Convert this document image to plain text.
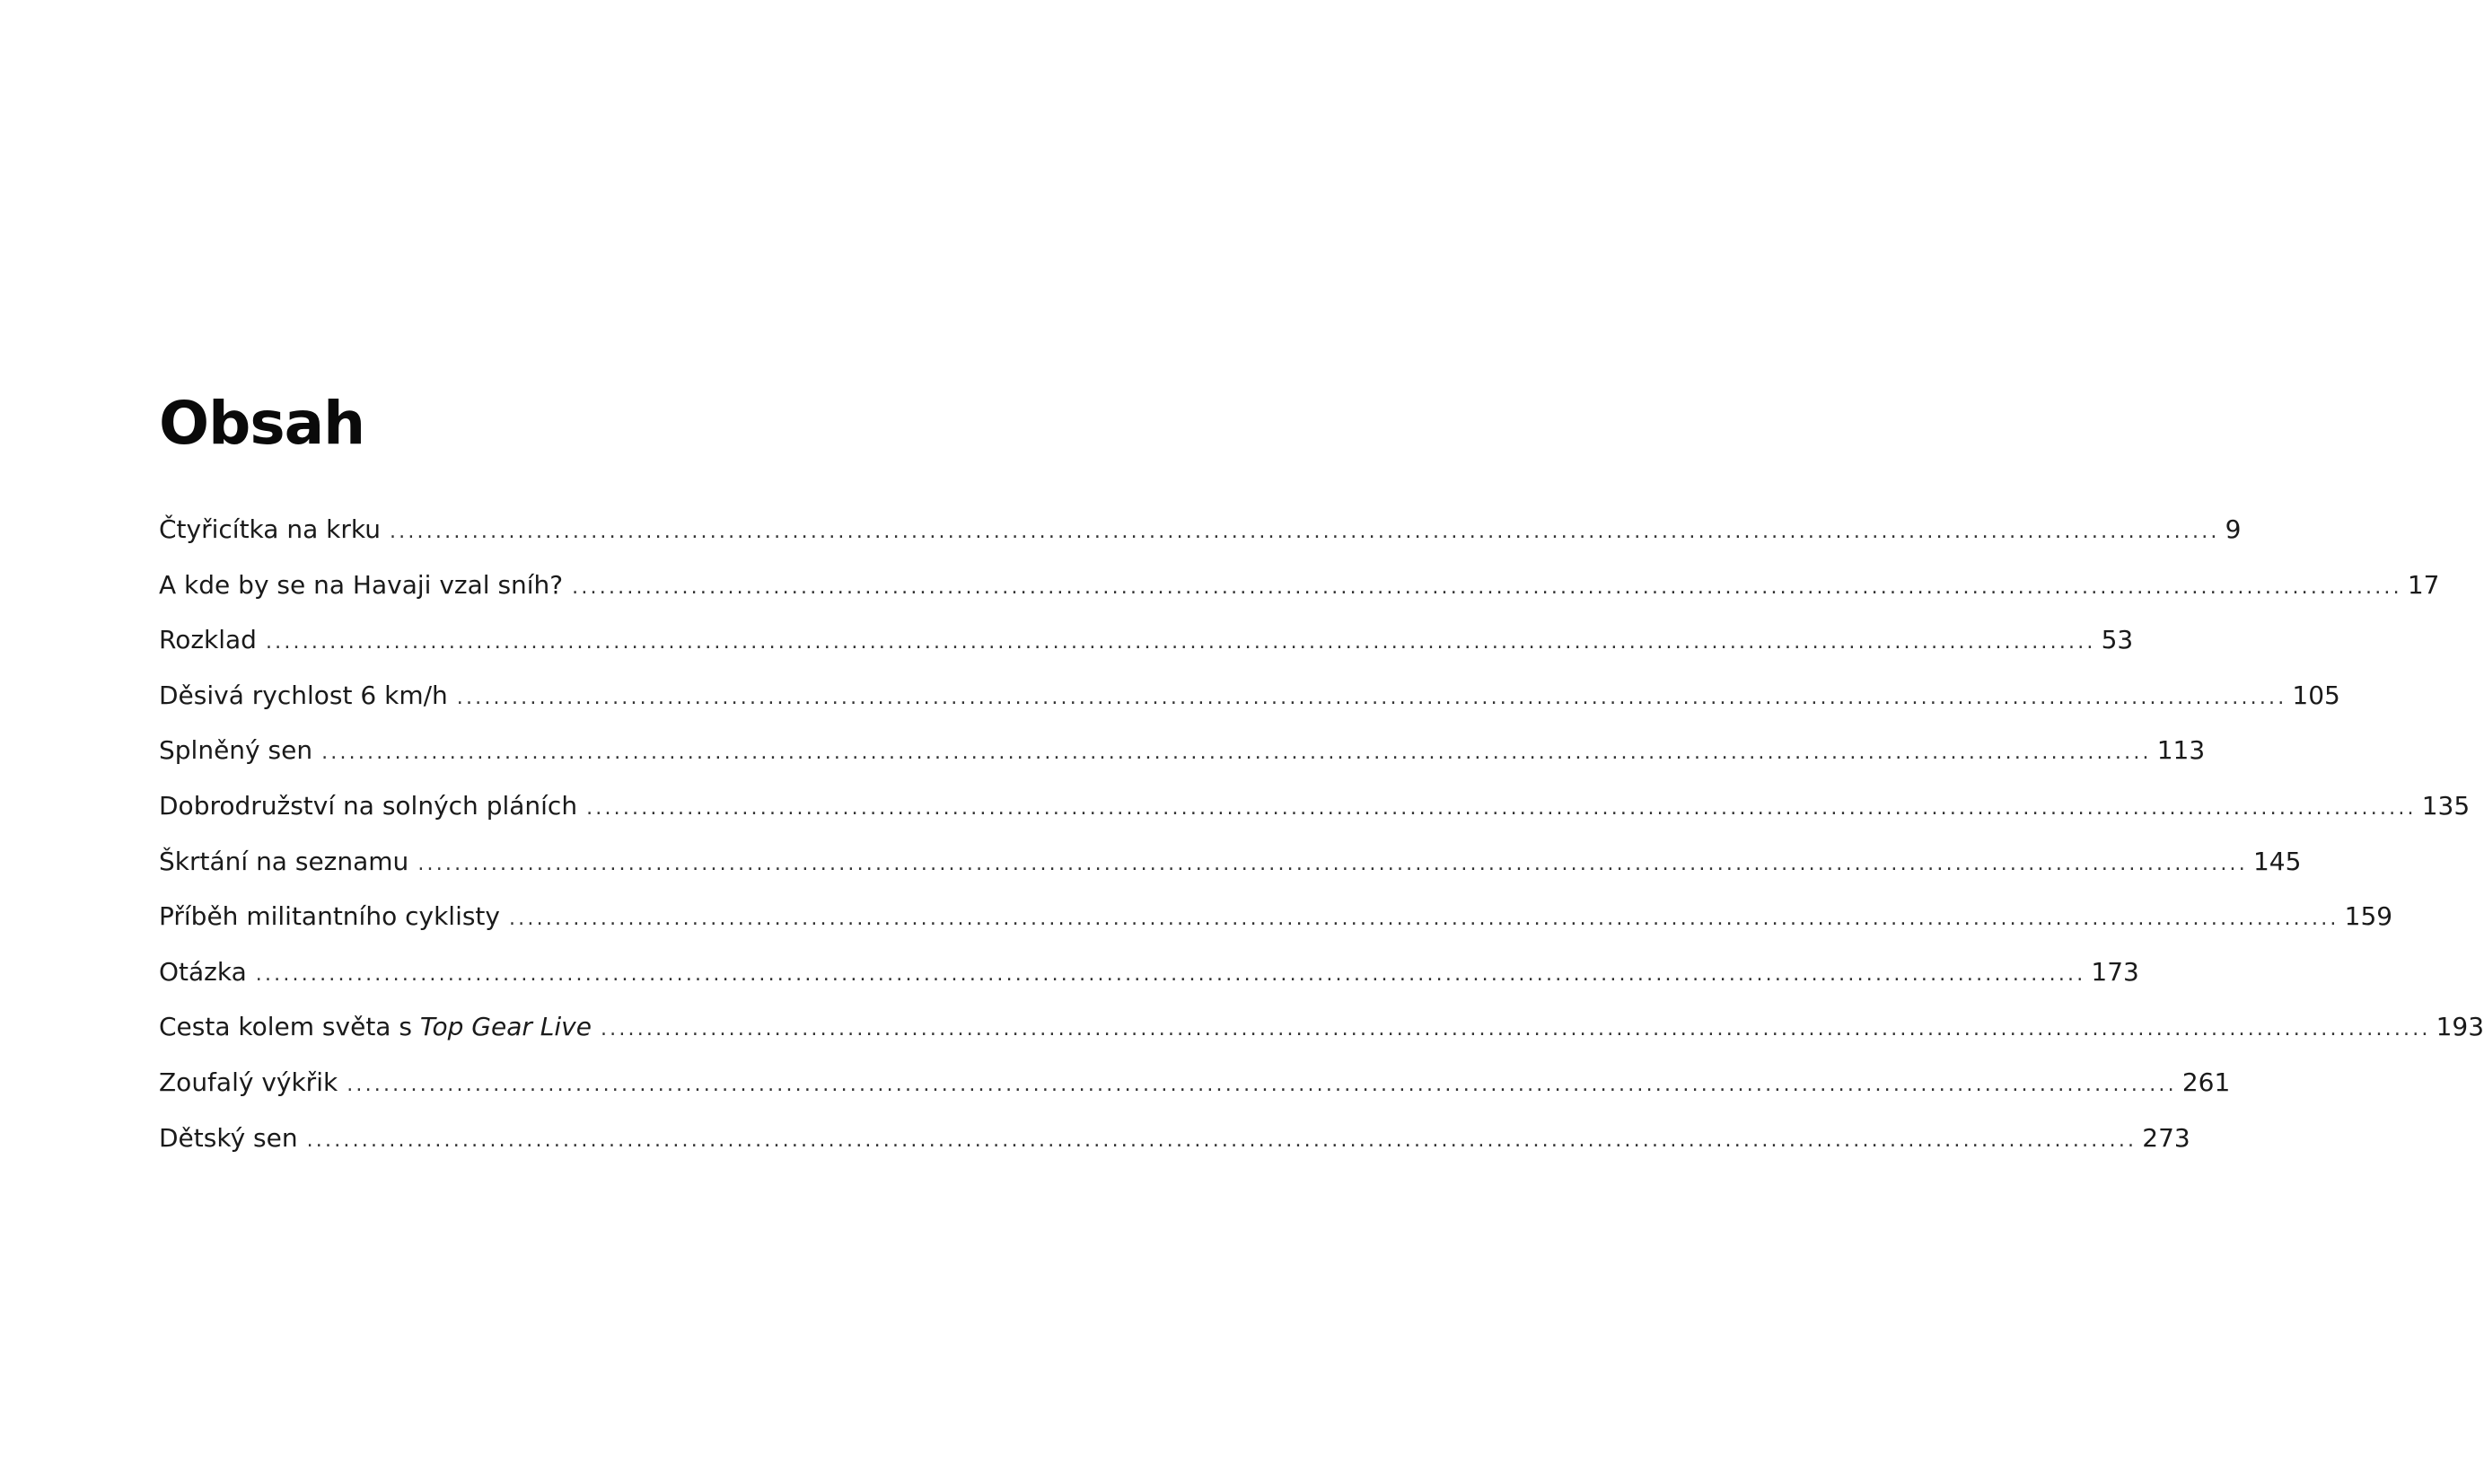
Obsah
Čtyřicítka na krku ........................................................................................................................................................................................................ 9
A kde by se na Havaji vzal sníh? ........................................................................................................................................................................................................ 17
Rozklad ........................................................................................................................................................................................................ 53
Děsivá rychlost 6 km/h ........................................................................................................................................................................................................ 105
Splněný sen ........................................................................................................................................................................................................ 113
Dobrodružství na solných pláních ........................................................................................................................................................................................................ 135
Škrtání na seznamu ........................................................................................................................................................................................................ 145
Příběh militantního cyklisty ........................................................................................................................................................................................................ 159
Otázka ........................................................................................................................................................................................................ 173
Cesta kolem světa s Top Gear Live ........................................................................................................................................................................................................ 193
Zoufalý výkřik ........................................................................................................................................................................................................ 261
Dětský sen ........................................................................................................................................................................................................ 273
